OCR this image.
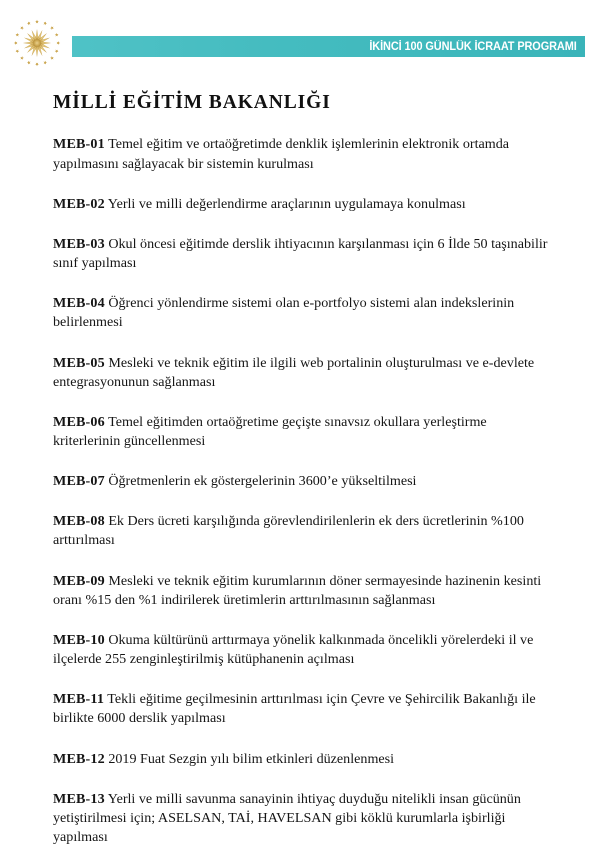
İKİNCİ 100 GÜNLÜK İCRAAT PROGRAMI
MİLLİ EĞİTİM BAKANLIĞI
MEB-01 Temel eğitim ve ortaöğretimde denklik işlemlerinin elektronik ortamda yapılmasını sağlayacak bir sistemin kurulması
MEB-02 Yerli ve milli değerlendirme araçlarının uygulamaya konulması
MEB-03 Okul öncesi eğitimde derslik ihtiyacının karşılanması için 6 İlde 50 taşınabilir sınıf yapılması
MEB-04 Öğrenci yönlendirme sistemi olan e-portfolyo sistemi alan indekslerinin belirlenmesi
MEB-05 Mesleki ve teknik eğitim ile ilgili web portalinin oluşturulması ve e-devlete entegrasyonunun sağlanması
MEB-06 Temel eğitimden ortaöğretime geçişte sınavsız okullara yerleştirme kriterlerinin güncellenmesi
MEB-07 Öğretmenlerin ek göstergelerinin 3600’e yükseltilmesi
MEB-08 Ek Ders ücreti karşılığında görevlendirilenlerin ek ders ücretlerinin %100 arttırılması
MEB-09 Mesleki ve teknik eğitim kurumlarının döner sermayesinde hazinenin kesinti oranı %15 den %1 indirilerek üretimlerin arttırılmasının sağlanması
MEB-10 Okuma kültürünü arttırmaya yönelik kalkınmada öncelikli yörelerdeki il ve ilçelerde 255 zenginleştirilmiş kütüphanenin açılması
MEB-11 Tekli eğitime geçilmesinin arttırılması için Çevre ve Şehircilik Bakanlığı ile birlikte 6000 derslik yapılması
MEB-12 2019 Fuat Sezgin yılı bilim etkinleri düzenlenmesi
MEB-13 Yerli ve milli savunma sanayinin ihtiyaç duyduğu nitelikli insan gücünün yetiştirilmesi için; ASELSAN, TAİ, HAVELSAN gibi köklü kurumlarla işbirliği yapılması
